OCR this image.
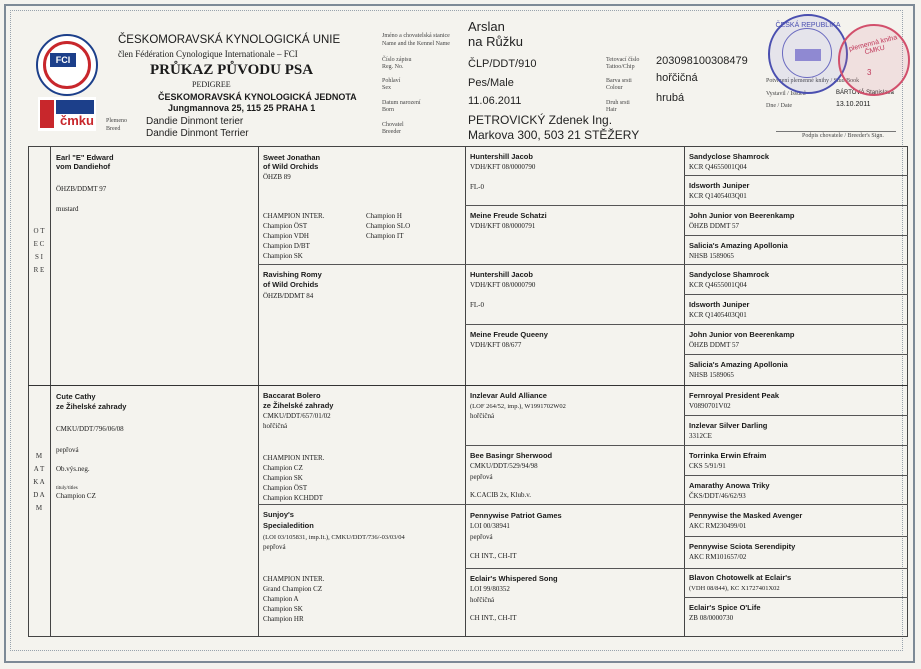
FCI
čmku
ČESKOMORAVSKÁ KYNOLOGICKÁ UNIE
člen Fédération Cynologique Internationale – FCI
PRŮKAZ PŮVODU PSA
PEDIGREE
ČESKOMORAVSKÁ KYNOLOGICKÁ JEDNOTA
Jungmannova 25, 115 25 PRAHA 1
Plemeno
Breed
Dandie Dinmont terier
Dandie Dinmont Terrier
Jméno a chovatelská stanice
Name and the Kennel Name
Číslo zápisu
Reg. No.
Pohlaví
Sex
Datum narození
Born
Chovatel
Breeder
Arslan
na Růžku
ČLP/DDT/910
Pes/Male
11.06.2011
PETROVICKÝ Zdenek Ing.
Markova 300, 503 21 STĚŽERY
Tetovací číslo
Tattoo/Chip
Barva srsti
Colour
Druh srsti
Hair
203098100308479
hořčičná
hrubá
Potvrzení plemenné knihy / Stud Book
Vystavil / Issued	BÁRTOVÁ Stanislava
Dne / Date	13.10.2011
Podpis chovatele / Breeder's Sign.
ČESKÁ REPUBLIKA
plemenná kniha ČMKU
3
O T E C   S I R E
M A T K A   D A M
Earl "E" Edward
vom Dandiehof
ÖHZB/DDMT 97
mustard
Cute Cathy
ze Žihelské zahrady
CMKU/DDT/796/06/08
pepřová
Ob.výs.neg.
tituly/titles
Champion CZ
Sweet Jonathan
of Wild Orchids
ÖHZB 89
CHAMPION INTER.
Champion ÖST
Champion VDH
Champion D/BT
Champion SK
Champion H
Champion SLO
Champion IT
Ravishing Romy
of Wild Orchids
ÖHZB/DDMT 84
Baccarat Bolero
ze Žihelské zahrady
CMKU/DDT/657/01/02
hořčičná
CHAMPION INTER.
Champion CZ
Champion SK
Champion ÖST
Champion KCHDDT
Sunjoy's
Specialedition
(LOI 03/105831, imp.It.), CMKU/DDT/736/-03/03/04
pepřová
CHAMPION INTER.
Grand Champion CZ
Champion A
Champion SK
Champion HR
Huntershill Jacob
VDH/KFT 08/0000790
FL-0
Meine Freude Schatzi
VDH/KFT 08/0000791
Huntershill Jacob
VDH/KFT 08/0000790
FL-0
Meine Freude Queeny
VDH/KFT 08/677
Inzlevar Auld Alliance
(LOF 264/52, imp.), W1991702W02
hořčičná
Bee Basingr Sherwood
CMKU/DDT/529/94/98
pepřová
K.CACIB 2x, Klub.v.
Pennywise Patriot Games
LOI 00/38941
pepřová
CH INT., CH-IT
Eclair's Whispered Song
LOI 99/80352
hořčičná
CH INT., CH-IT
Sandyclose Shamrock
KCR Q4655001Q04
Idsworth Juniper
KCR Q1405403Q01
John Junior von Beerenkamp
ÖHZB DDMT 57
Salicia's Amazing Apollonia
NHSB 1589065
Sandyclose Shamrock
KCR Q4655001Q04
Idsworth Juniper
KCR Q1405403Q01
John Junior von Beerenkamp
ÖHZB DDMT 57
Salicia's Amazing Apollonia
NHSB 1589065
Fernroyal President Peak
V0890701V02
Inzlevar Silver Darling
3312CE
Torrinka Erwin Efraim
CKS 5/91/91
Amarathy Anowa Triky
ČKS/DDT/46/62/93
Pennywise the Masked Avenger
AKC RM230499/01
Pennywise Sciota Serendipity
AKC RM101657/02
Blavon Chotowelk at Eclair's
(VDH 08/844), KC X1727401X02
Eclair's Spice O'Life
ZB 08/0000730
